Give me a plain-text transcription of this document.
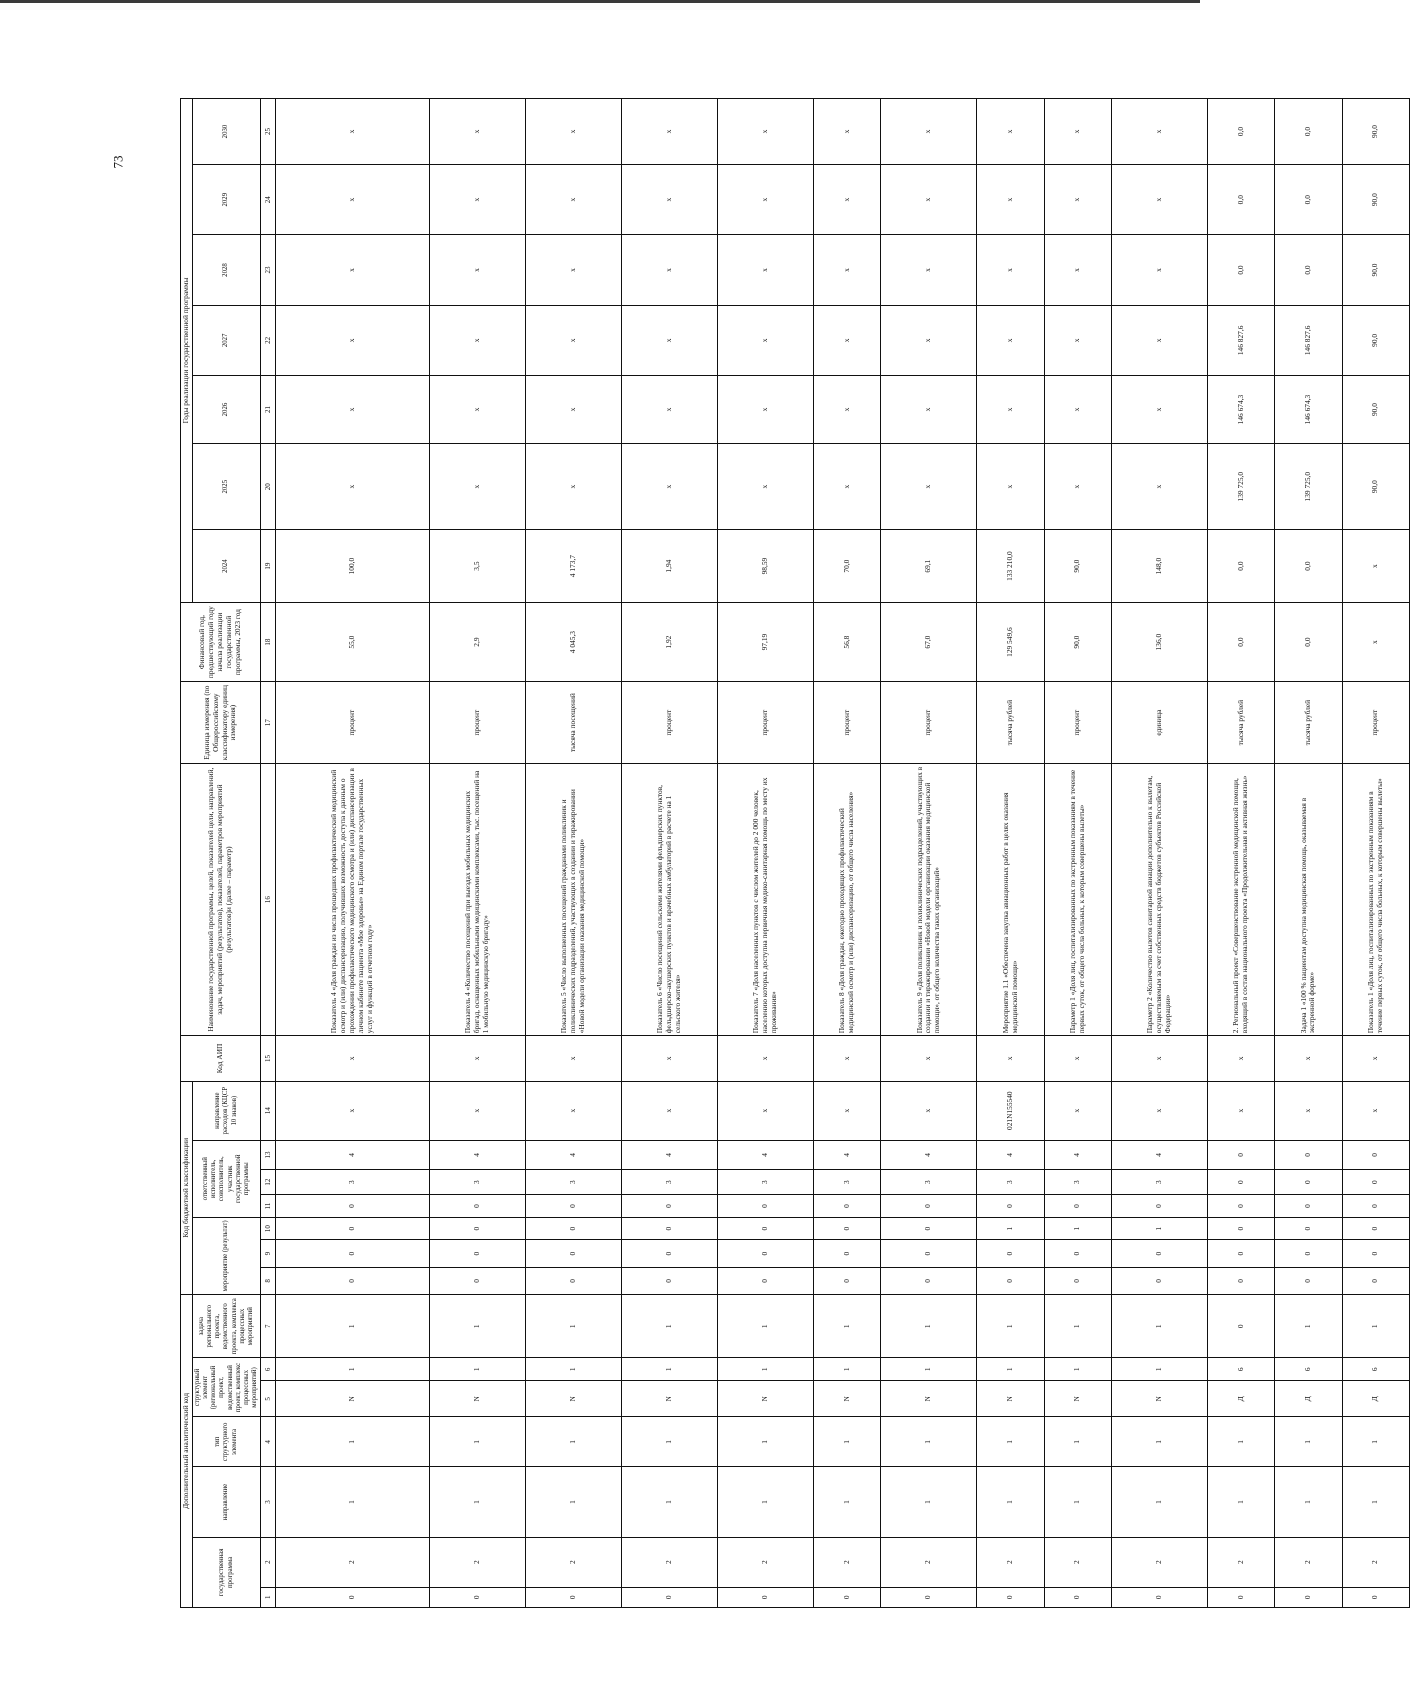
73
Дополнительный аналитический код							Код бюджетной классификации							Код АИП	Наименование государственной программы, целей, показателей цели, направлений, задач, мероприятий (результатов), показателей, параметров мероприятий (результатов)и (далее – параметр)	Единица измерения (по Общероссийскому классификатору единиц измерения)	Финансовый год, предшествующий году начала реализации государственной программы, 2023 год	Годы реализации государственной программы						
государственная программа		направление	тип структурного элемента	структурный элемент (региональный проект, ведомственный проект, комплекс процессных мероприятий)		задача регионального проекта, ведомственного проекта, комплекса процессных мероприятий	мероприятие (результат)			ответственный исполнитель, соисполнитель, участник государственной программы			направление расходов (КЦСР 10 знаков)					2024	2025	2026	2027	2028	2029	2030
1	2	3	4	5	6	7	8	9	10	11	12	13	14	15	16	17	18	19	20	21	22	23	24	25
0	2	1	1	N	1	1	0	0	0	0	3	4	x	x	Показатель 4 «Доля граждан из числа прошедших профилактический медицинский осмотр и (или) диспансеризацию, получивших возможность доступа к данным о прохождении профилактического медицинского осмотра и (или) диспансеризации в личном кабинете пациента «Мое здоровье» на Едином портале государственных услуг и функций в отчетном году»	процент	55,0	100,0	x	x	x	x	x	x
0	2	1	1	N	1	1	0	0	0	0	3	4	x	x	Показатель 4 «Количество посещений при выездах мобильных медицинских бригад, оснащенных мобильными медицинскими комплексами, тыс. посещений на 1 мобильную медицинскую бригаду»	процент	2,9	3,5	x	x	x	x	x	x
0	2	1	1	N	1	1	0	0	0	0	3	4	x	x	Показатель 5 «Число выполненных посещений гражданами поликлиник и поликлинических подразделений, участвующих в создании и тиражировании «Новой модели организации оказания медицинской помощи»	тысяча посещений	4 045,3	4 173,7	x	x	x	x	x	x
0	2	1	1	N	1	1	0	0	0	0	3	4	x	x	Показатель 6 «Число посещений сельскими жителями фельдшерских пунктов, фельдшерско-акушерских пунктов и врачебных амбулаторий в расчете на 1 сельского жителя»	процент	1,92	1,94	x	x	x	x	x	x
0	2	1	1	N	1	1	0	0	0	0	3	4	x	x	Показатель 7 «Доля населенных пунктов с числом жителей до 2 000 человек, населению которых доступна первичная медико-санитарная помощь по месту их проживания»	процент	97,19	98,59	x	x	x	x	x	x
0	2	1	1	N	1	1	0	0	0	0	3	4	x	x	Показатель 8 «Доля граждан, ежегодно проходящих профилактический медицинский осмотр и (или) диспансеризацию, от общего числа населения»	процент	56,8	70,0	x	x	x	x	x	x
0	2	1	1	N	1	1	0	0	0	0	3	4	x	x	Показатель 9 «Доля поликлиник и поликлинических подразделений, участвующих в создании и тиражировании «Новой модели организации оказания медицинской помощи», от общего количества таких организаций»	процент	67,0	69,1	x	x	x	x	x	x
0	2	1	1	N	1	1	0	0	1	0	3	4	021N155540	x	Мероприятие 1.1 «Обеспечена закупка авиационных работ в целях оказания медицинской помощи»	тысяча рублей	129 549,6	133 210,0	x	x	x	x	x	x
0	2	1	1	N	1	1	0	0	1	0	3	4	x	x	Параметр 1 «Доля лиц, госпитализированных по экстренным показаниям в течение первых суток, от общего числа больных, к которым совершены вылеты»	процент	90,0	90,0	x	x	x	x	x	x
0	2	1	1	N	1	1	0	0	1	0	3	4	x	x	Параметр 2 «Количество вылетов санитарной авиации дополнительно к вылетам, осуществляемым за счет собственных средств бюджетов субъектов Российской Федерации»	единица	136,0	148,0	x	x	x	x	x	x
0	2	1	1	Д	6	0	0	0	0	0	0	0	x	x	2. Региональный проект «Совершенствование экстренной медицинской помощи, входящий в состав национального проекта «Продолжительная и активная жизнь»	тысяча рублей	0,0	0,0	139 725,0	146 674,3	146 827,6	0,0	0,0	0,0
0	2	1	1	Д	6	1	0	0	0	0	0	0	x	x	Задача 1 «100 % пациентам доступна медицинская помощь, оказываемая в экстренной форме»	тысяча рублей	0,0	0,0	139 725,0	146 674,3	146 827,6	0,0	0,0	0,0
0	2	1	1	Д	6	1	0	0	0	0	0	0	x	x	Показатель 1 «Доля лиц, госпитализированных по экстренным показаниям в течение первых суток, от общего числа больных, к которым совершены вылеты»	процент	x	x	90,0	90,0	90,0	90,0	90,0	90,0
